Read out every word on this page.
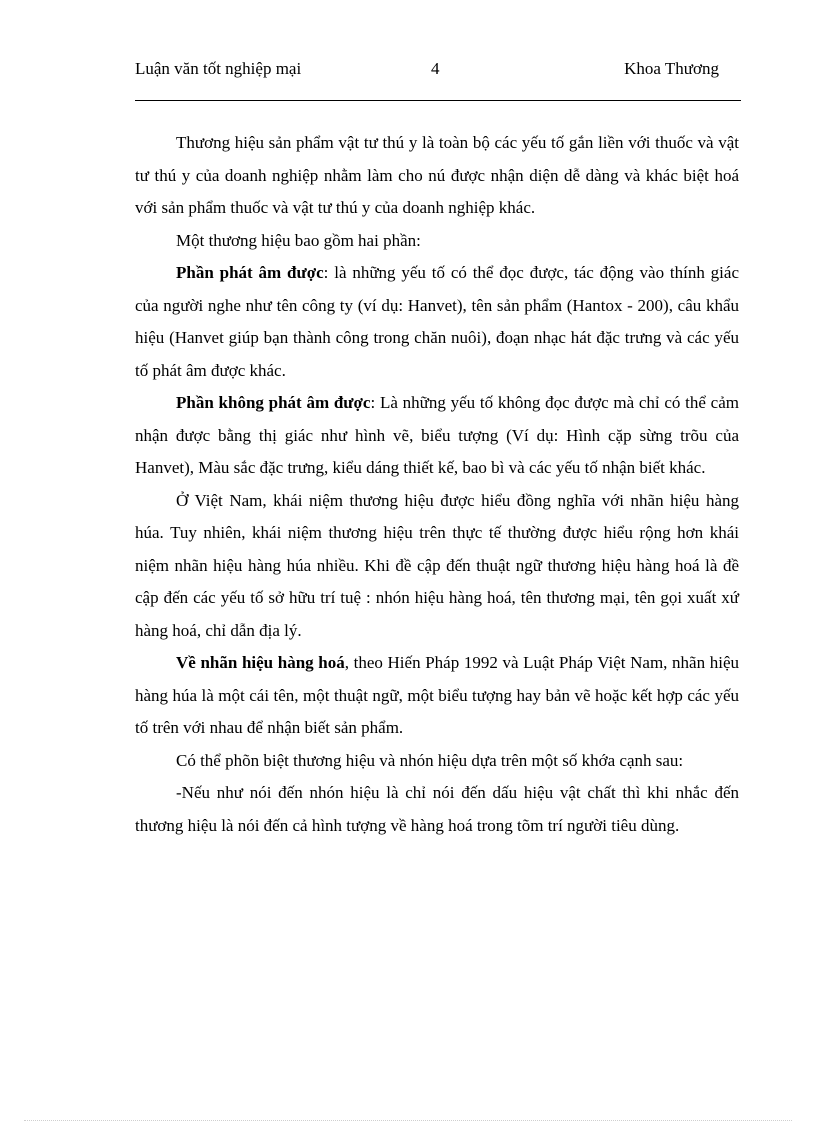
Luận văn tốt nghiệp mại	4	Khoa Thương

Thương hiệu sản phẩm vật tư thú y là toàn bộ các yếu tố gắn liền với thuốc và vật tư thú y của doanh nghiệp nhằm làm cho nú được nhận diện dễ dàng và khác biệt hoá với sản phẩm thuốc và vật tư thú y của doanh nghiệp khác.

Một thương hiệu bao gồm hai phần:

Phần phát âm được: là những yếu tố có thể đọc được, tác động vào thính giác của người nghe như tên công ty (ví dụ: Hanvet), tên sản phẩm (Hantox - 200), câu khẩu hiệu (Hanvet giúp bạn thành công trong chăn nuôi), đoạn nhạc hát đặc trưng và các yếu tố phát âm được khác.

Phần không phát âm được: Là những yếu tố không đọc được mà chỉ có thể cảm nhận được bằng thị giác như hình vẽ, biểu tượng (Ví dụ: Hình cặp sừng trõu của Hanvet), Màu sắc đặc trưng, kiểu dáng thiết kế, bao bì và các yếu tố nhận biết khác.

Ở Việt Nam, khái niệm thương hiệu được hiểu đồng nghĩa với nhãn hiệu hàng húa. Tuy nhiên, khái niệm thương hiệu trên thực tế thường được hiểu rộng hơn khái niệm nhãn hiệu hàng húa nhiều. Khi đề cập đến thuật ngữ thương hiệu hàng hoá là đề cập đến các yếu tố sở hữu trí tuệ : nhón hiệu hàng hoá, tên thương mại, tên gọi xuất xứ hàng hoá, chỉ dẫn địa lý.

Về nhãn hiệu hàng hoá, theo Hiến Pháp 1992 và Luật Pháp Việt Nam, nhãn hiệu hàng húa là một cái tên, một thuật ngữ, một biểu tượng hay bản vẽ hoặc kết hợp các yếu tố trên với nhau để nhận biết sản phẩm.

Có thể phõn biệt thương hiệu và nhón hiệu dựa trên một số khớa cạnh sau:

-Nếu như nói đến nhón hiệu là chỉ nói đến dấu hiệu vật chất thì khi nhắc đến thương hiệu là nói đến cả hình tượng về hàng hoá trong tõm trí người tiêu dùng.
